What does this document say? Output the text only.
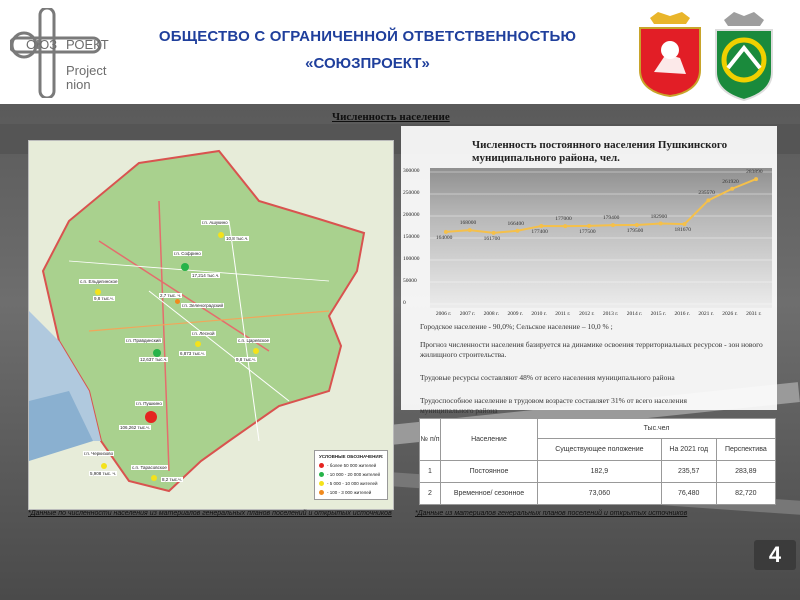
ОЮЗ РОЕКТ
Project
nion
ОБЩЕСТВО С ОГРАНИЧЕННОЙ ОТВЕТСТВЕННОСТЬЮ
«СОЮЗПРОЕКТ»
Численность население
г.п. Ашукино
10,8 тыс.ч.
г.п. Софрино
17,214 тыс.ч.
с.п. Ельдигинское
9,8 тыс.ч.
2,7 тыс. ч.
г.п. Зеленоградский
г.п. Лесной
6,873 тыс.ч.
г.п. Правдинский
12,637 тыс.ч.
с.п. Царевское
9,8 тыс.ч.
г.п. Пушкино
106,262 тыс.ч.
г.п. Черкизово
5,908 тыс. ч.
с.п. Тарасовское
8,2 тыс.ч.
УСЛОВНЫЕ ОБОЗНАЧЕНИЯ:
- более 50 000 жителей
- 10 000 - 20 000 жителей
- 5 000 - 10 000 жителей
- 100 - 3 000 жителей
Численность постоянного населения Пушкинского муниципального района, чел.
0
50000
100000
150000
200000
250000
300000
2006 г. 2007 г. 2008 г. 2009 г. 2010 г. 2011 г. 2012 г. 2013 г. 2014 г. 2015 г. 2016 г. 2021 г. 2026 г. 2031 г.
164000
168000
161700
166400
177400
177000
177500
179400
179500
182900
181670
235570
261920
283890
Городское население - 90,0%; Сельское население – 10,0 % ;
Прогноз численности населения базируется на динамике освоения территориальных ресурсов - зон нового жилищного строительства.
Трудовые ресурсы составляют 48% от всего населения муниципального района
Трудоспособное население в трудовом возрасте составляет 31% от всего населения муниципального района
№ п/п	Население	Тыс.чел		
		Существующее положение	На 2021 год	Перспектива
1	Постоянное	182,9	235,57	283,89
2	Временное/ сезонное	73,060	76,480	82,720
*Данные по численности населения из материалов генеральных планов поселений и открытых источников	*Данные из материалов генеральных планов поселений и открытых источников
4
